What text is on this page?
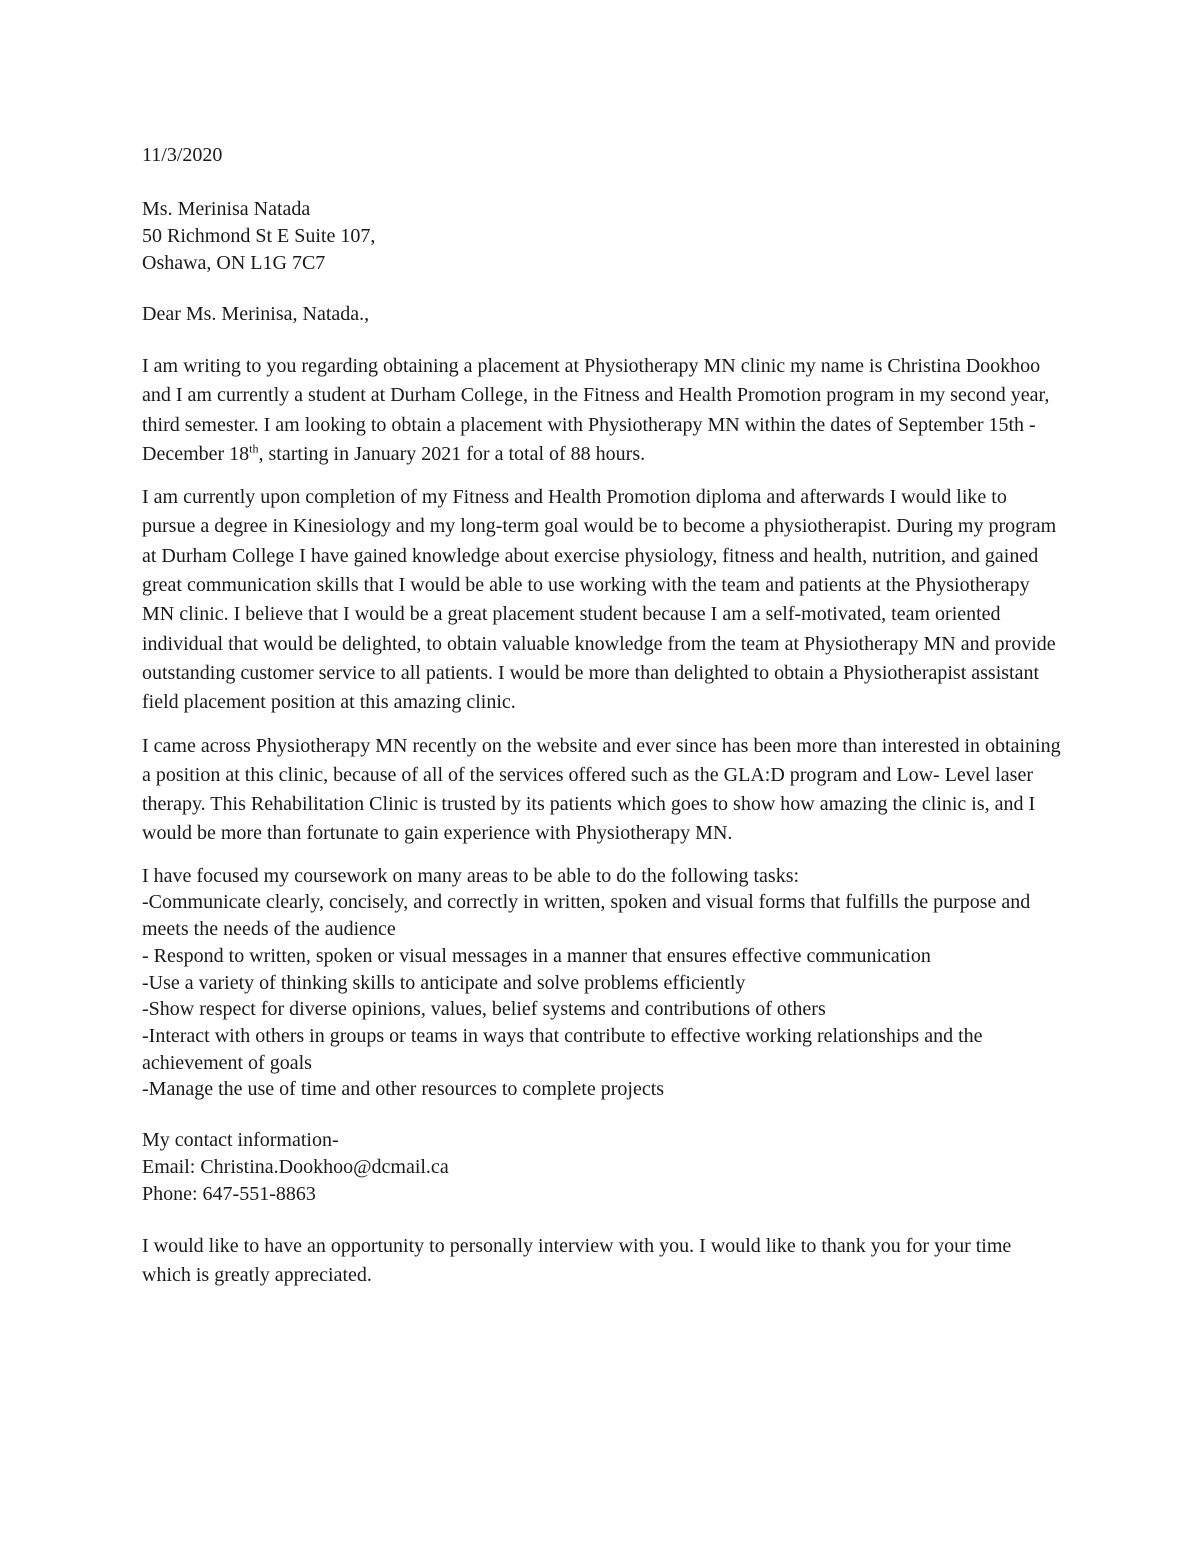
11/3/2020
Ms. Merinisa Natada
50 Richmond St E Suite 107,
Oshawa, ON L1G 7C7
Dear Ms. Merinisa, Natada.,

I am writing to you regarding obtaining a placement at Physiotherapy MN clinic my name is Christina Dookhoo and I am currently a student at Durham College, in the Fitness and Health Promotion program in my second year, third semester. I am looking to obtain a placement with Physiotherapy MN within the dates of September 15th - December 18th, starting in January 2021 for a total of 88 hours.

I am currently upon completion of my Fitness and Health Promotion diploma and afterwards I would like to pursue a degree in Kinesiology and my long-term goal would be to become a physiotherapist. During my program at Durham College I have gained knowledge about exercise physiology, fitness and health, nutrition, and gained great communication skills that I would be able to use working with the team and patients at the Physiotherapy MN clinic. I believe that I would be a great placement student because I am a self-motivated, team oriented individual that would be delighted, to obtain valuable knowledge from the team at Physiotherapy MN and provide outstanding customer service to all patients. I would be more than delighted to obtain a Physiotherapist assistant field placement position at this amazing clinic.

I came across Physiotherapy MN recently on the website and ever since has been more than interested in obtaining a position at this clinic, because of all of the services offered such as the GLA:D program and Low- Level laser therapy. This Rehabilitation Clinic is trusted by its patients which goes to show how amazing the clinic is, and I would be more than fortunate to gain experience with Physiotherapy MN.

I have focused my coursework on many areas to be able to do the following tasks:

-Communicate clearly, concisely, and correctly in written, spoken and visual forms that fulfills the purpose and meets the needs of the audience

- Respond to written, spoken or visual messages in a manner that ensures effective communication

-Use a variety of thinking skills to anticipate and solve problems efficiently

-Show respect for diverse opinions, values, belief systems and contributions of others

-Interact with others in groups or teams in ways that contribute to effective working relationships and the achievement of goals

-Manage the use of time and other resources to complete projects

My contact information-
Email: Christina.Dookhoo@dcmail.ca
Phone: 647-551-8863

I would like to have an opportunity to personally interview with you. I would like to thank you for your time which is greatly appreciated.
